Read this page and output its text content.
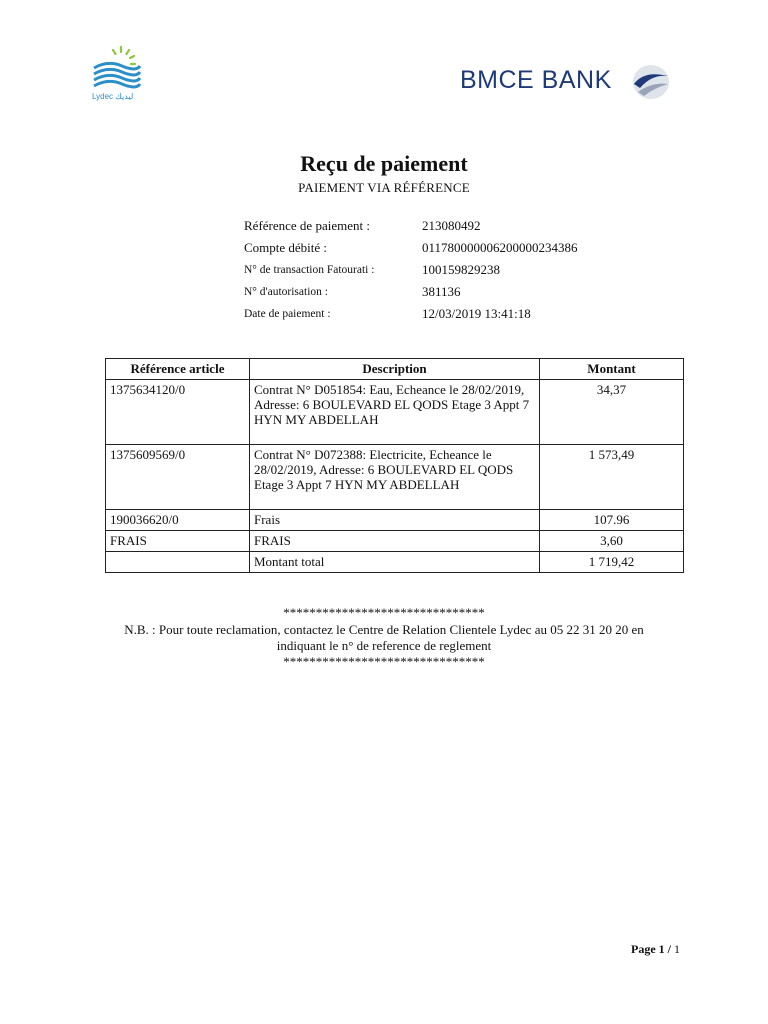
Lydec ليديك
BMCE BANK
Reçu de paiement
PAIEMENT VIA RÉFÉRENCE
Référence de paiement :	213080492
Compte débité :	011780000006200000234386
N° de transaction Fatourati :	100159829238
N° d'autorisation :	381136
Date de paiement :	12/03/2019 13:41:18
Référence article	Description	Montant
1375634120/0	Contrat N° D051854: Eau, Echeance le 28/02/2019, Adresse: 6 BOULEVARD EL QODS Etage 3 Appt 7 HYN MY ABDELLAH	34,37
1375609569/0	Contrat N° D072388: Electricite, Echeance le 28/02/2019, Adresse: 6 BOULEVARD EL QODS Etage 3 Appt 7 HYN MY ABDELLAH	1 573,49
190036620/0	Frais	107.96
FRAIS	FRAIS	3,60
	Montant total	1 719,42
*******************************
N.B. : Pour toute reclamation, contactez le Centre de Relation Clientele Lydec au 05 22 31 20 20 en
indiquant le n° de reference de reglement
*******************************
Page 1 / 1
